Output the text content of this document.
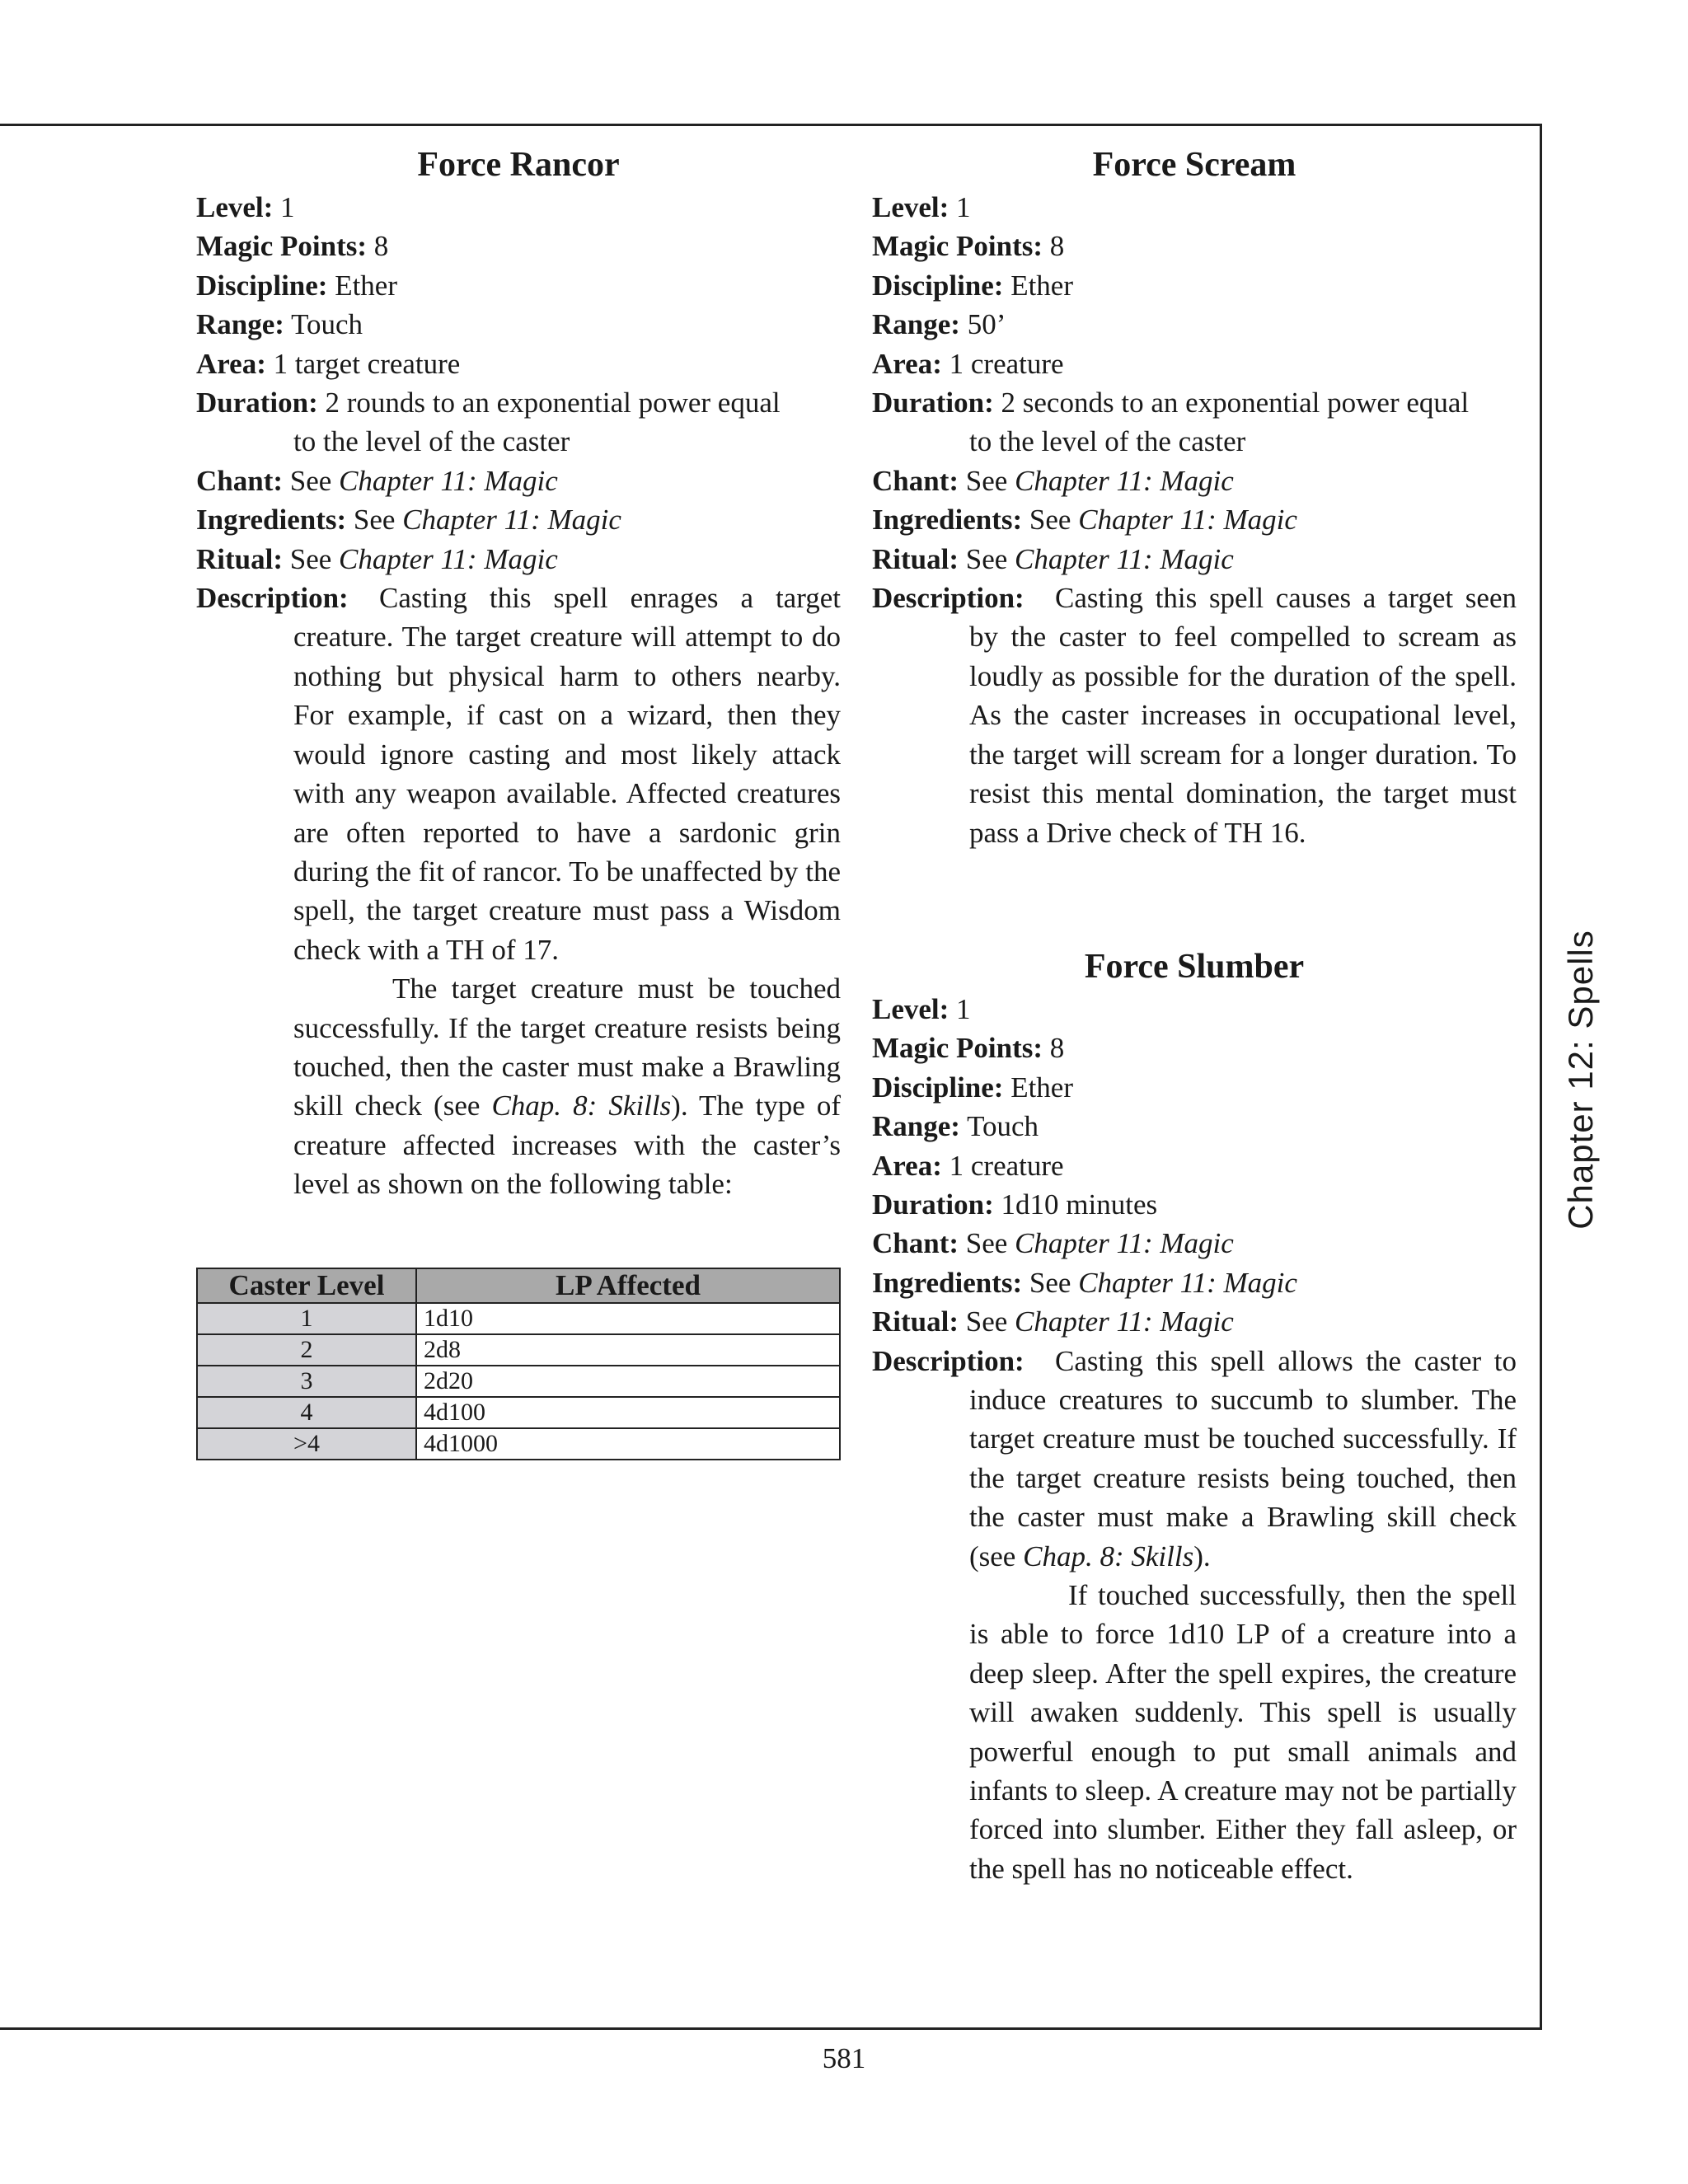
Chapter 12: Spells
Force Rancor
Level: 1
Magic Points: 8
Discipline: Ether
Range: Touch
Area: 1 target creature
Duration: 2 rounds to an exponential power equal
to the level of the caster
Chant: See Chapter 11: Magic
Ingredients: See Chapter 11: Magic
Ritual: See Chapter 11: Magic
Description:	Casting this spell enrages a target creature. The target creature will attempt to do nothing but physical harm to others nearby. For example, if cast on a wizard, then they would ignore casting and most likely attack with any weapon available. Affected creatures are often reported to have a sardonic grin during the fit of rancor. To be unaffected by the spell, the target creature must pass a Wisdom check with a TH of 17.

The target creature must be touched successfully. If the target creature resists being touched, then the caster must make a Brawling skill check (see Chap. 8: Skills). The type of creature affected increases with the caster’s level as shown on the following table:

Caster Level	LP Affected
1	1d10
2	2d8
3	2d20
4	4d100
>4	4d1000
Force Scream
Level: 1
Magic Points: 8
Discipline: Ether
Range: 50’
Area: 1 creature
Duration: 2 seconds to an exponential power equal
to the level of the caster
Chant: See Chapter 11: Magic
Ingredients: See Chapter 11: Magic
Ritual: See Chapter 11: Magic
Description:	Casting this spell causes a target seen by the caster to feel compelled to scream as loudly as possible for the duration of the spell. As the caster increases in occupational level, the target will scream for a longer duration. To resist this mental domination, the target must pass a Drive check of TH 16.

Force Slumber
Level: 1
Magic Points: 8
Discipline: Ether
Range: Touch
Area: 1 creature
Duration: 1d10 minutes
Chant: See Chapter 11: Magic
Ingredients: See Chapter 11: Magic
Ritual: See Chapter 11: Magic
Description:	Casting this spell allows the caster to induce creatures to succumb to slumber. The target creature must be touched successfully. If the target creature resists being touched, then the caster must make a Brawling skill check (see Chap. 8: Skills).

If touched successfully, then the spell is able to force 1d10 LP of a creature into a deep sleep. After the spell expires, the creature will awaken suddenly. This spell is usually powerful enough to put small animals and infants to sleep. A creature may not be partially forced into slumber. Either they fall asleep, or the spell has no noticeable effect.

581
